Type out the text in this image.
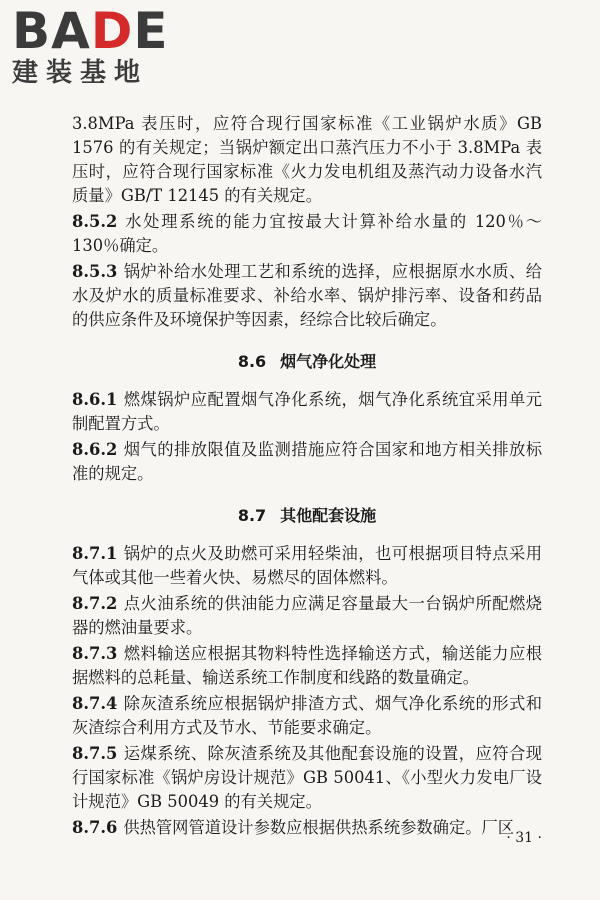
BADE
建装基地

3.8MPa 表压时，应符合现行国家标准《工业锅炉水质》GB 1576 的有关规定；当锅炉额定出口蒸汽压力不小于 3.8MPa 表压时，应符合现行国家标准《火力发电机组及蒸汽动力设备水汽质量》GB/T 12145 的有关规定。

8.5.2 水处理系统的能力宜按最大计算补给水量的 120％～130％确定。

8.5.3 锅炉补给水处理工艺和系统的选择，应根据原水水质、给水及炉水的质量标准要求、补给水率、锅炉排污率、设备和药品的供应条件及环境保护等因素，经综合比较后确定。

8.6 烟气净化处理

8.6.1 燃煤锅炉应配置烟气净化系统，烟气净化系统宜采用单元制配置方式。

8.6.2 烟气的排放限值及监测措施应符合国家和地方相关排放标准的规定。

8.7 其他配套设施

8.7.1 锅炉的点火及助燃可采用轻柴油，也可根据项目特点采用气体或其他一些着火快、易燃尽的固体燃料。

8.7.2 点火油系统的供油能力应满足容量最大一台锅炉所配燃烧器的燃油量要求。

8.7.3 燃料输送应根据其物料特性选择输送方式，输送能力应根据燃料的总耗量、输送系统工作制度和线路的数量确定。

8.7.4 除灰渣系统应根据锅炉排渣方式、烟气净化系统的形式和灰渣综合利用方式及节水、节能要求确定。

8.7.5 运煤系统、除灰渣系统及其他配套设施的设置，应符合现行国家标准《锅炉房设计规范》GB 50041、《小型火力发电厂设计规范》GB 50049 的有关规定。

8.7.6 供热管网管道设计参数应根据供热系统参数确定。厂区

· 31 ·
